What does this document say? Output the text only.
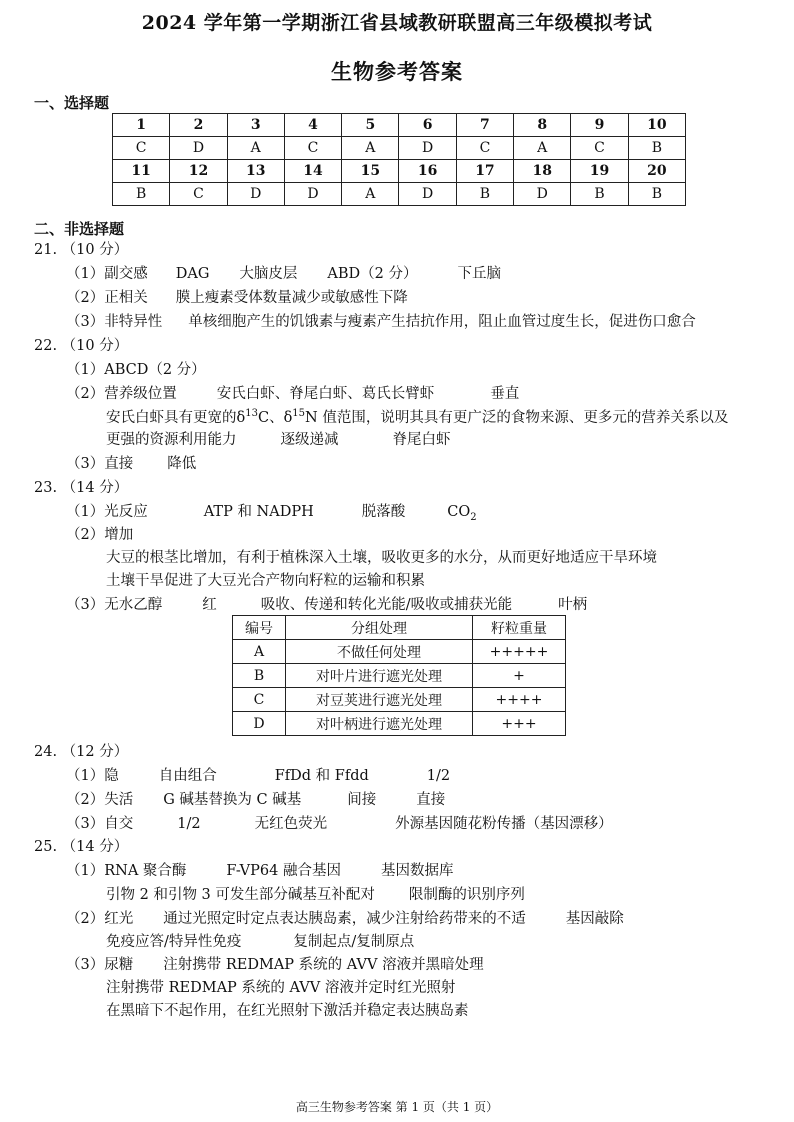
2024 学年第一学期浙江省县域教研联盟高三年级模拟考试
生物参考答案
一、选择题
1	2	3	4	5	6	7	8	9	10
C	D	A	C	A	D	C	A	C	B
11	12	13	14	15	16	17	18	19	20
B	C	D	D	A	D	B	D	B	B
二、非选择题
21. （10 分）
（1）副交感 DAG 大脑皮层 ABD（2 分）	下丘脑
（2）正相关 膜上瘦素受体数量减少或敏感性下降
（3）非特异性 单核细胞产生的饥饿素与瘦素产生拮抗作用，阻止血管过度生长，促进伤口愈合
22. （10 分）
（1）ABCD（2 分）
（2）营养级位置	安氏白虾、脊尾白虾、葛氏长臂虾	垂直
安氏白虾具有更宽的$\delta^{13}C$、$\delta^{15}N$ 值范围，说明其具有更广泛的食物来源、更多元的营养关系以及
更强的资源利用能力	逐级递减	脊尾白虾
（3）直接 降低
23. （14 分）
（1）光反应	ATP 和 NADPH	脱落酸	$CO_2$
（2）增加
大豆的根茎比增加，有利于植株深入土壤，吸收更多的水分，从而更好地适应干旱环境
土壤干旱促进了大豆光合产物向籽粒的运输和积累
（3）无水乙醇	红	吸收、传递和转化光能/吸收或捕获光能	叶柄
编号	分组处理	籽粒重量
A	不做任何处理	+++++
B	对叶片进行遮光处理	+
C	对豆荚进行遮光处理	++++
D	对叶柄进行遮光处理	+++
24. （12 分）
（1）隐	自由组合	FfDd 和 Ffdd	1/2
（2）失活 G 碱基替换为 C 碱基	间接	直接
（3）自交	1/2	无红色荧光	外源基因随花粉传播（基因漂移）
25. （14 分）
（1）RNA 聚合酶	F-VP64 融合基因	基因数据库
引物 2 和引物 3 可发生部分碱基互补配对 限制酶的识别序列
（2）红光 通过光照定时定点表达胰岛素，减少注射给药带来的不适	基因敲除
免疫应答/特异性免疫	复制起点/复制原点
（3）尿糖 注射携带 REDMAP 系统的 AVV 溶液并黑暗处理
注射携带 REDMAP 系统的 AVV 溶液并定时红光照射
在黑暗下不起作用，在红光照射下激活并稳定表达胰岛素
高三生物参考答案 第 1 页（共 1 页）
